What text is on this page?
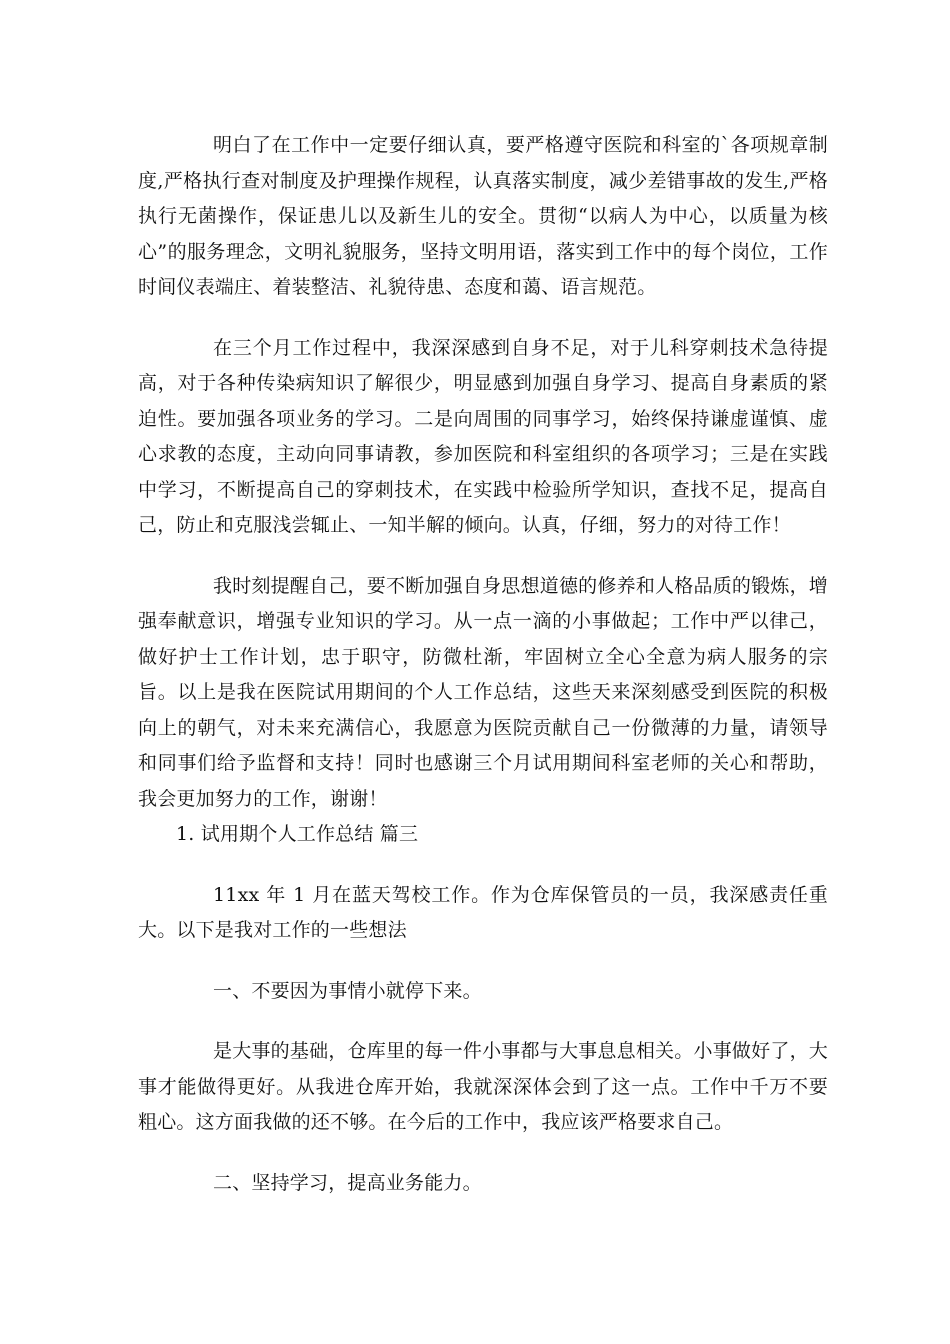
明白了在工作中一定要仔细认真，要严格遵守医院和科室的`各项规章制度,严格执行查对制度及护理操作规程，认真落实制度，减少差错事故的发生,严格执行无菌操作，保证患儿以及新生儿的安全。贯彻“以病人为中心，以质量为核心”的服务理念，文明礼貌服务，坚持文明用语，落实到工作中的每个岗位，工作时间仪表端庄、着装整洁、礼貌待患、态度和蔼、语言规范。

在三个月工作过程中，我深深感到自身不足，对于儿科穿刺技术急待提高，对于各种传染病知识了解很少，明显感到加强自身学习、提高自身素质的紧迫性。要加强各项业务的学习。二是向周围的同事学习，始终保持谦虚谨慎、虚心求教的态度，主动向同事请教，参加医院和科室组织的各项学习；三是在实践中学习，不断提高自己的穿刺技术，在实践中检验所学知识，查找不足，提高自己，防止和克服浅尝辄止、一知半解的倾向。认真，仔细，努力的对待工作！

我时刻提醒自己，要不断加强自身思想道德的修养和人格品质的锻炼，增强奉献意识，增强专业知识的学习。从一点一滴的小事做起；工作中严以律己，做好护士工作计划，忠于职守，防微杜渐，牢固树立全心全意为病人服务的宗旨。以上是我在医院试用期间的个人工作总结，这些天来深刻感受到医院的积极向上的朝气，对未来充满信心，我愿意为医院贡献自己一份微薄的力量，请领导和同事们给予监督和支持！同时也感谢三个月试用期间科室老师的关心和帮助，我会更加努力的工作，谢谢！

1. 试用期个人工作总结 篇三

11xx 年 1 月在蓝天驾校工作。作为仓库保管员的一员，我深感责任重大。以下是我对工作的一些想法

一、不要因为事情小就停下来。

是大事的基础，仓库里的每一件小事都与大事息息相关。小事做好了，大事才能做得更好。从我进仓库开始，我就深深体会到了这一点。工作中千万不要粗心。这方面我做的还不够。在今后的工作中，我应该严格要求自己。

二、坚持学习，提高业务能力。
